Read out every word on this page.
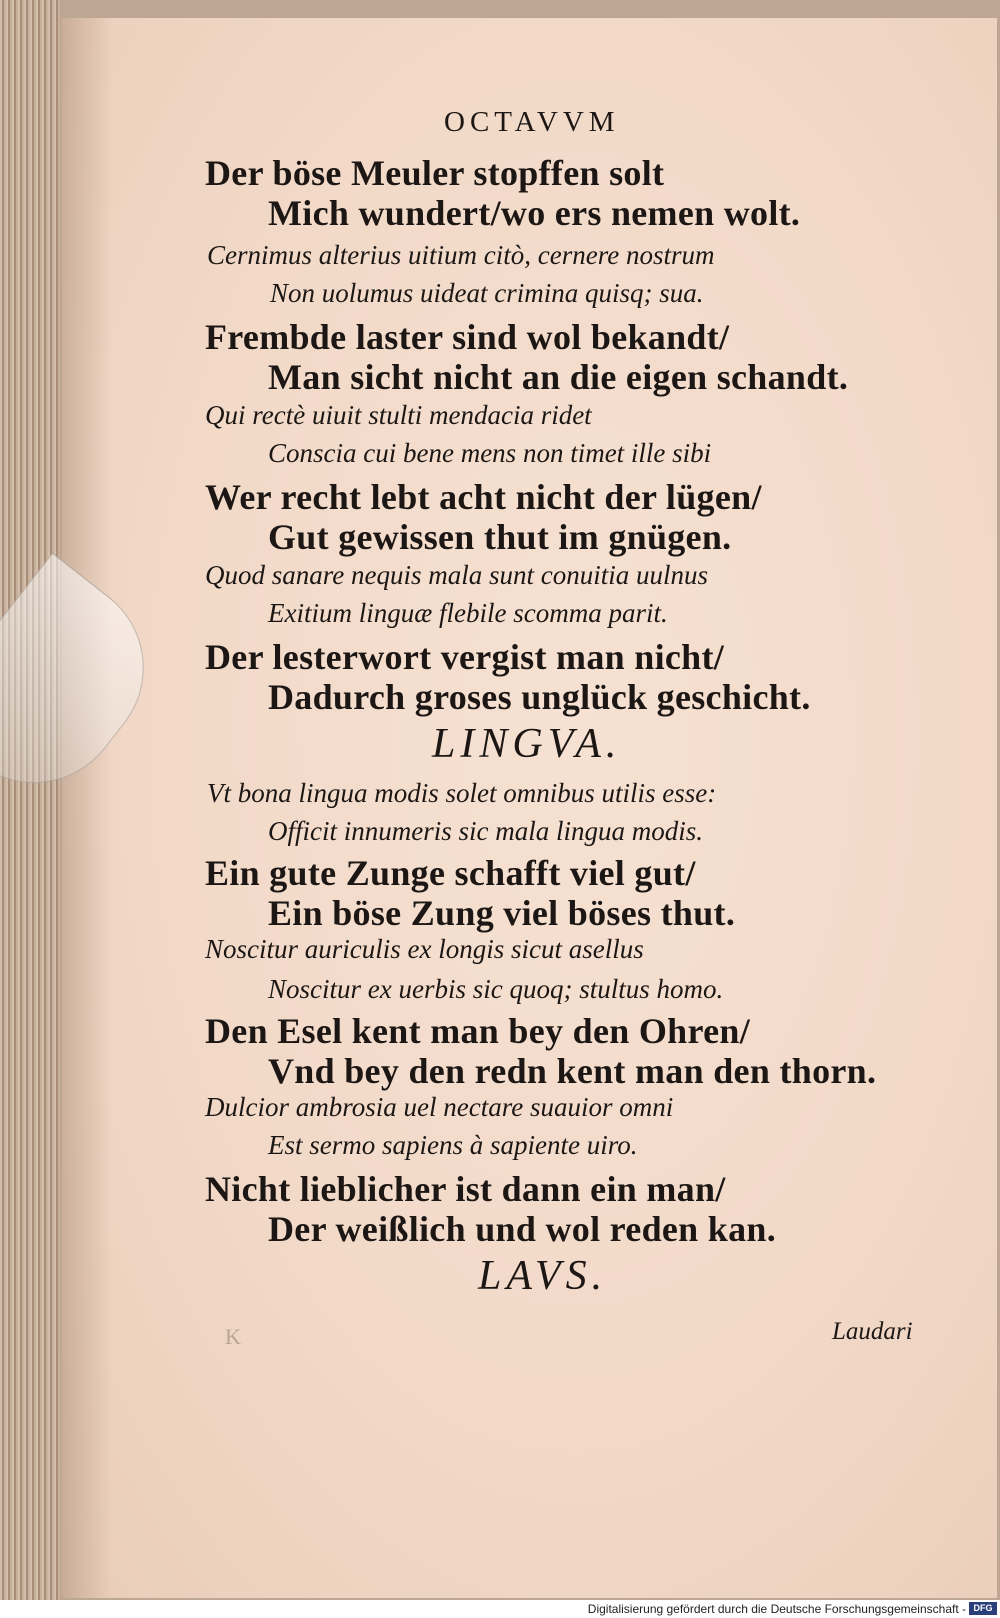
OCTAVVM
Der böse Meuler stopffen solt
Mich wundert/wo ers nemen wolt.
Cernimus alterius uitium citò, cernere nostrum
Non uolumus uideat crimina quisq; sua.
Frembde laster sind wol bekandt/
Man sicht nicht an die eigen schandt.
Qui rectè uiuit stulti mendacia ridet
Conscia cui bene mens non timet ille sibi
Wer recht lebt acht nicht der lügen/
Gut gewissen thut im gnügen.
Quod sanare nequis mala sunt conuitia uulnus
Exitium linguæ flebile scomma parit.
Der lesterwort vergist man nicht/
Dadurch groses unglück geschicht.
LINGVA.
Vt bona lingua modis solet omnibus utilis esse:
Officit innumeris sic mala lingua modis.
Ein gute Zunge schafft viel gut/
Ein böse Zung viel böses thut.
Noscitur auriculis ex longis sicut asellus
Noscitur ex uerbis sic quoq; stultus homo.
Den Esel kent man bey den Ohren/
Vnd bey den redn kent man den thorn.
Dulcior ambrosia uel nectare suauior omni
Est sermo sapiens à sapiente uiro.
Nicht lieblicher ist dann ein man/
Der weißlich und wol reden kan.
LAVS.
K	Laudari
Digitalisierung gefördert durch die Deutsche Forschungsgemeinschaft - DFG
